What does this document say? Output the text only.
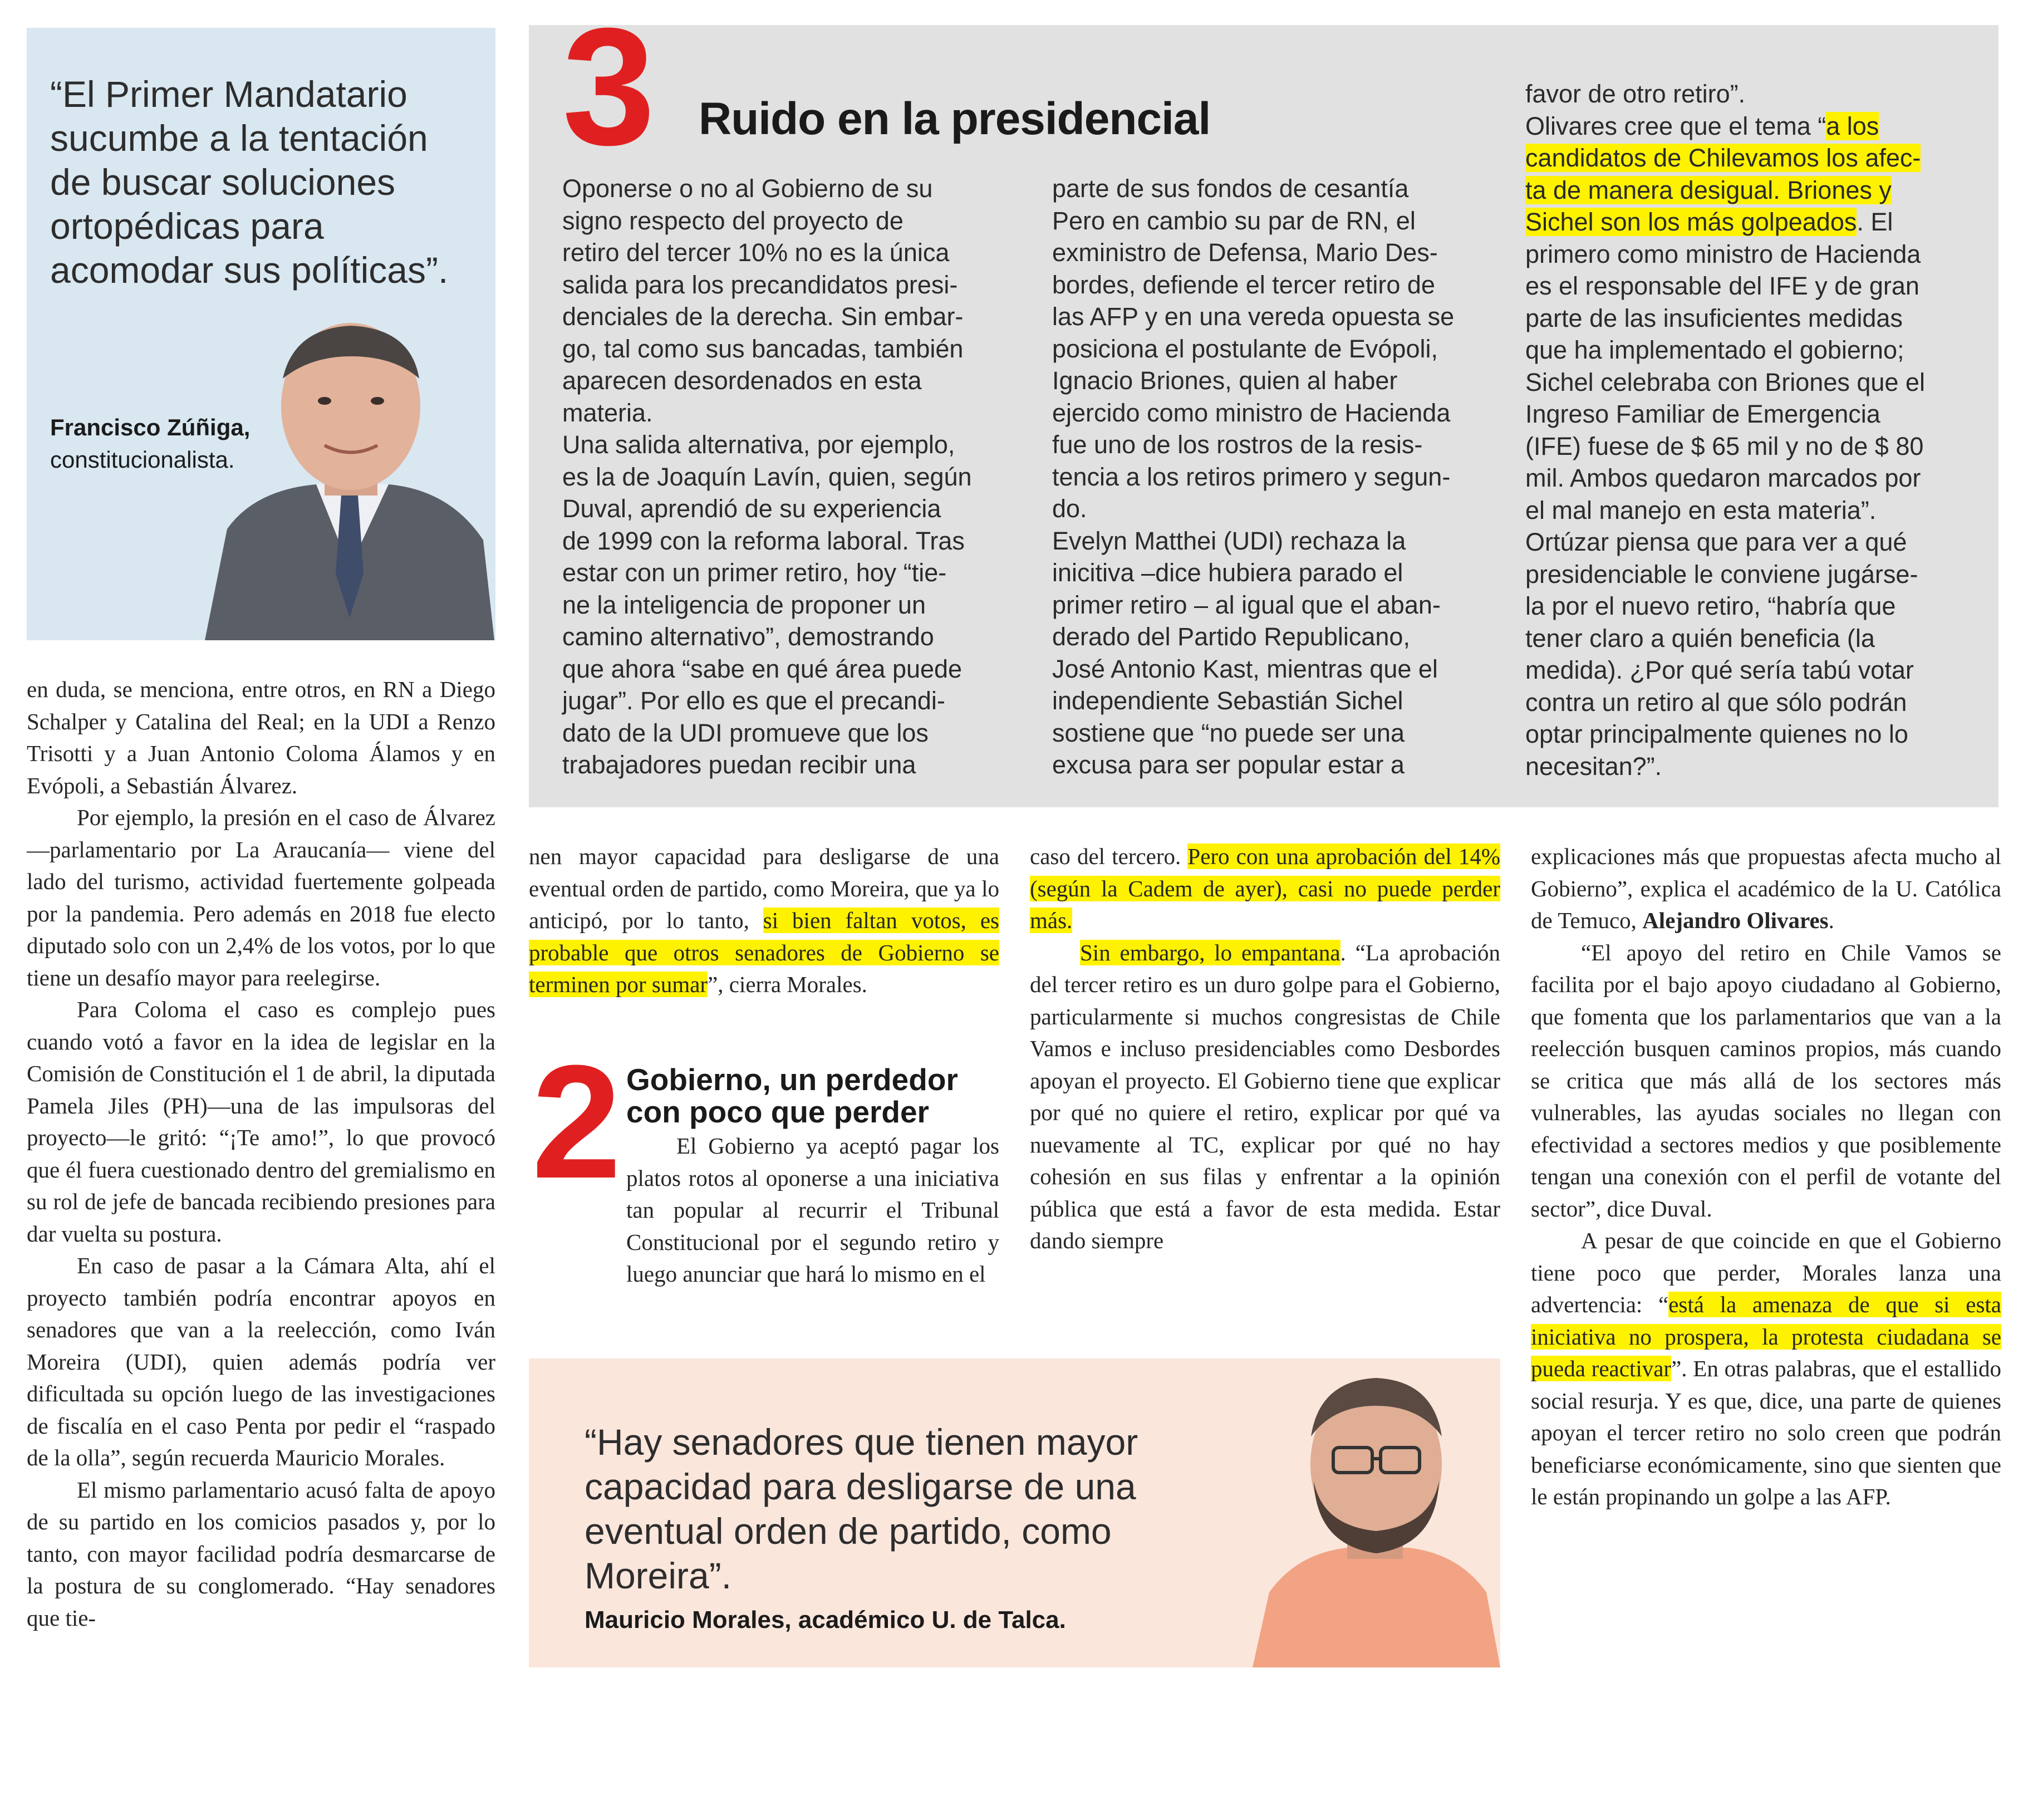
“El Primer Mandatario sucumbe a la tentación de buscar soluciones ortopédicas para acomodar sus políticas”.
Francisco Zúñiga,
constitucionalista.
3 Ruido en la presidencial
Oponerse o no al Gobierno de su
signo respecto del proyecto de
retiro del tercer 10% no es la única
salida para los precandidatos presi-
denciales de la derecha. Sin embar-
go, tal como sus bancadas, también
aparecen desordenados en esta
materia.
Una salida alternativa, por ejemplo,
es la de Joaquín Lavín, quien, según
Duval, aprendió de su experiencia
de 1999 con la reforma laboral. Tras
estar con un primer retiro, hoy “tie-
ne la inteligencia de proponer un
camino alternativo”, demostrando
que ahora “sabe en qué área puede
jugar”. Por ello es que el precandi-
dato de la UDI promueve que los
trabajadores puedan recibir una
parte de sus fondos de cesantía
Pero en cambio su par de RN, el
exministro de Defensa, Mario Des-
bordes, defiende el tercer retiro de
las AFP y en una vereda opuesta se
posiciona el postulante de Evópoli,
Ignacio Briones, quien al haber
ejercido como ministro de Hacienda
fue uno de los rostros de la resis-
tencia a los retiros primero y segun-
do.
Evelyn Matthei (UDI) rechaza la
inicitiva –dice hubiera parado el
primer retiro – al igual que el aban-
derado del Partido Republicano,
José Antonio Kast, mientras que el
independiente Sebastián Sichel
sostiene que “no puede ser una
excusa para ser popular estar a
favor de otro retiro”.
Olivares cree que el tema “a los
candidatos de Chilevamos los afec-
ta de manera desigual. Briones y
Sichel son los más golpeados. El
primero como ministro de Hacienda
es el responsable del IFE y de gran
parte de las insuficientes medidas
que ha implementado el gobierno;
Sichel celebraba con Briones que el
Ingreso Familiar de Emergencia
(IFE) fuese de $ 65 mil y no de $ 80
mil. Ambos quedaron marcados por
el mal manejo en esta materia”.
Ortúzar piensa que para ver a qué
presidenciable le conviene jugárse-
la por el nuevo retiro, “habría que
tener claro a quién beneficia (la
medida). ¿Por qué sería tabú votar
contra un retiro al que sólo podrán
optar principalmente quienes no lo
necesitan?”.

en duda, se menciona, entre otros, en RN a Diego Schalper y Catalina del Real; en la UDI a Renzo Trisotti y a Juan Antonio Coloma Álamos y en Evópoli, a Sebastián Álvarez.

Por ejemplo, la presión en el caso de Álvarez —parlamentario por La Araucanía— viene del lado del turismo, actividad fuertemente golpeada por la pandemia. Pero además en 2018 fue electo diputado solo con un 2,4% de los votos, por lo que tiene un desafío mayor para reelegirse.

Para Coloma el caso es complejo pues cuando votó a favor en la idea de legislar en la Comisión de Constitución el 1 de abril, la diputada Pamela Jiles (PH)—una de las impulsoras del proyecto—le gritó: “¡Te amo!”, lo que provocó que él fuera cuestionado dentro del gremialismo en su rol de jefe de bancada recibiendo presiones para dar vuelta su postura.

En caso de pasar a la Cámara Alta, ahí el proyecto también podría encontrar apoyos en senadores que van a la reelección, como Iván Moreira (UDI), quien además podría ver dificultada su opción luego de las investigaciones de fiscalía en el caso Penta por pedir el “raspado de la olla”, según recuerda Mauricio Morales.

El mismo parlamentario acusó falta de apoyo de su partido en los comicios pasados y, por lo tanto, con mayor facilidad podría desmarcarse de la postura de su conglomerado. “Hay senadores que tie-

nen mayor capacidad para desligarse de una eventual orden de partido, como Moreira, que ya lo anticipó, por lo tanto, si bien faltan votos, es probable que otros senadores de Gobierno se terminen por sumar”, cierra Morales.

2 Gobierno, un perdedor con poco que perder

El Gobierno ya aceptó pagar los platos rotos al oponerse a una iniciativa tan popular al recurrir el Tribunal Constitucional por el segundo retiro y luego anunciar que hará lo mismo en el

caso del tercero. Pero con una aprobación del 14% (según la Cadem de ayer), casi no puede perder más.

Sin embargo, lo empantana. “La aprobación del tercer retiro es un duro golpe para el Gobierno, particularmente si muchos congresistas de Chile Vamos e incluso presidenciables como Desbordes apoyan el proyecto. El Gobierno tiene que explicar por qué no quiere el retiro, explicar por qué va nuevamente al TC, explicar por qué no hay cohesión en sus filas y enfrentar a la opinión pública que está a favor de esta medida. Estar dando siempre

explicaciones más que propuestas afecta mucho al Gobierno”, explica el académico de la U. Católica de Temuco, Alejandro Olivares.

“El apoyo del retiro en Chile Vamos se facilita por el bajo apoyo ciudadano al Gobierno, que fomenta que los parlamentarios que van a la reelección busquen caminos propios, más cuando se critica que más allá de los sectores más vulnerables, las ayudas sociales no llegan con efectividad a sectores medios y que posiblemente tengan una conexión con el perfil de votante del sector”, dice Duval.

A pesar de que coincide en que el Gobierno tiene poco que perder, Morales lanza una advertencia: “está la amenaza de que si esta iniciativa no prospera, la protesta ciudadana se pueda reactivar”. En otras palabras, que el estallido social resurja. Y es que, dice, una parte de quienes apoyan el tercer retiro no solo creen que podrán beneficiarse económicamente, sino que sienten que le están propinando un golpe a las AFP.

“Hay senadores que tienen mayor capacidad para desligarse de una eventual orden de partido, como Moreira”.
Mauricio Morales, académico U. de Talca.
